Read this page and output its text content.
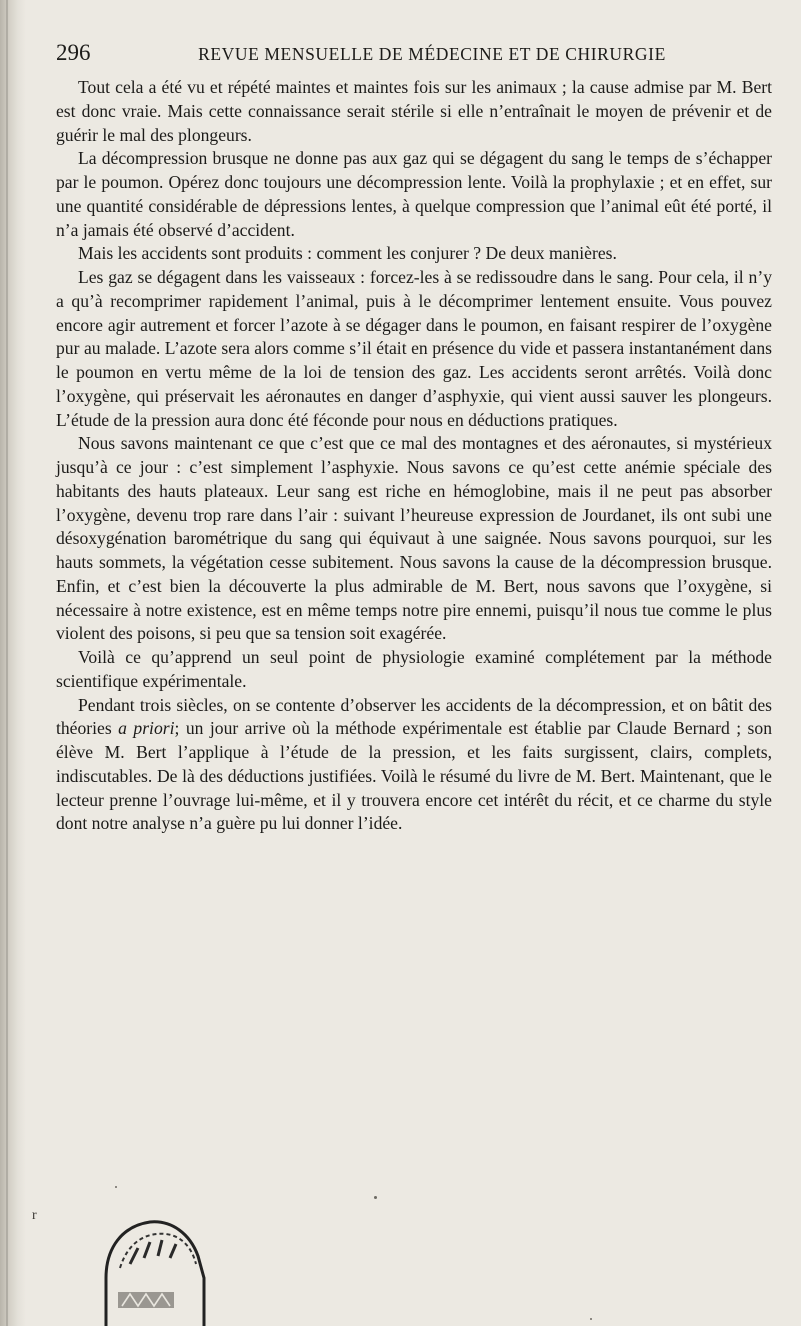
296	REVUE MENSUELLE DE MÉDECINE ET DE CHIRURGIE

Tout cela a été vu et répété maintes et maintes fois sur les animaux ; la cause admise par M. Bert est donc vraie. Mais cette connaissance serait stérile si elle n’entraînait le moyen de prévenir et de guérir le mal des plongeurs.

La décompression brusque ne donne pas aux gaz qui se dégagent du sang le temps de s’échapper par le poumon. Opérez donc toujours une décompression lente. Voilà la prophylaxie ; et en effet, sur une quantité considérable de dépressions lentes, à quelque compression que l’animal eût été porté, il n’a jamais été observé d’accident.

Mais les accidents sont produits : comment les conjurer ? De deux manières.

Les gaz se dégagent dans les vaisseaux : forcez-les à se redissoudre dans le sang. Pour cela, il n’y a qu’à recomprimer rapidement l’animal, puis à le décomprimer lentement ensuite. Vous pouvez encore agir autrement et forcer l’azote à se dégager dans le poumon, en faisant respirer de l’oxygène pur au malade. L’azote sera alors comme s’il était en présence du vide et passera instantanément dans le poumon en vertu même de la loi de tension des gaz. Les accidents seront arrêtés. Voilà donc l’oxygène, qui préservait les aéronautes en danger d’asphyxie, qui vient aussi sauver les plongeurs. L’étude de la pression aura donc été féconde pour nous en déductions pratiques.

Nous savons maintenant ce que c’est que ce mal des montagnes et des aéronautes, si mystérieux jusqu’à ce jour : c’est simplement l’asphyxie. Nous savons ce qu’est cette anémie spéciale des habitants des hauts plateaux. Leur sang est riche en hémoglobine, mais il ne peut pas absorber l’oxygène, devenu trop rare dans l’air : suivant l’heureuse expression de Jourdanet, ils ont subi une désoxygénation barométrique du sang qui équivaut à une saignée. Nous savons pourquoi, sur les hauts sommets, la végétation cesse subitement. Nous savons la cause de la décompression brusque. Enfin, et c’est bien la découverte la plus admirable de M. Bert, nous savons que l’oxygène, si nécessaire à notre existence, est en même temps notre pire ennemi, puisqu’il nous tue comme le plus violent des poisons, si peu que sa tension soit exagérée.

Voilà ce qu’apprend un seul point de physiologie examiné complétement par la méthode scientifique expérimentale.

Pendant trois siècles, on se contente d’observer les accidents de la décompression, et on bâtit des théories a priori; un jour arrive où la méthode expérimentale est établie par Claude Bernard ; son élève M. Bert l’applique à l’étude de la pression, et les faits surgissent, clairs, complets, indiscutables. De là des déductions justifiées. Voilà le résumé du livre de M. Bert. Maintenant, que le lecteur prenne l’ouvrage lui-même, et il y trouvera encore cet intérêt du récit, et ce charme du style dont notre analyse n’a guère pu lui donner l’idée.

r
